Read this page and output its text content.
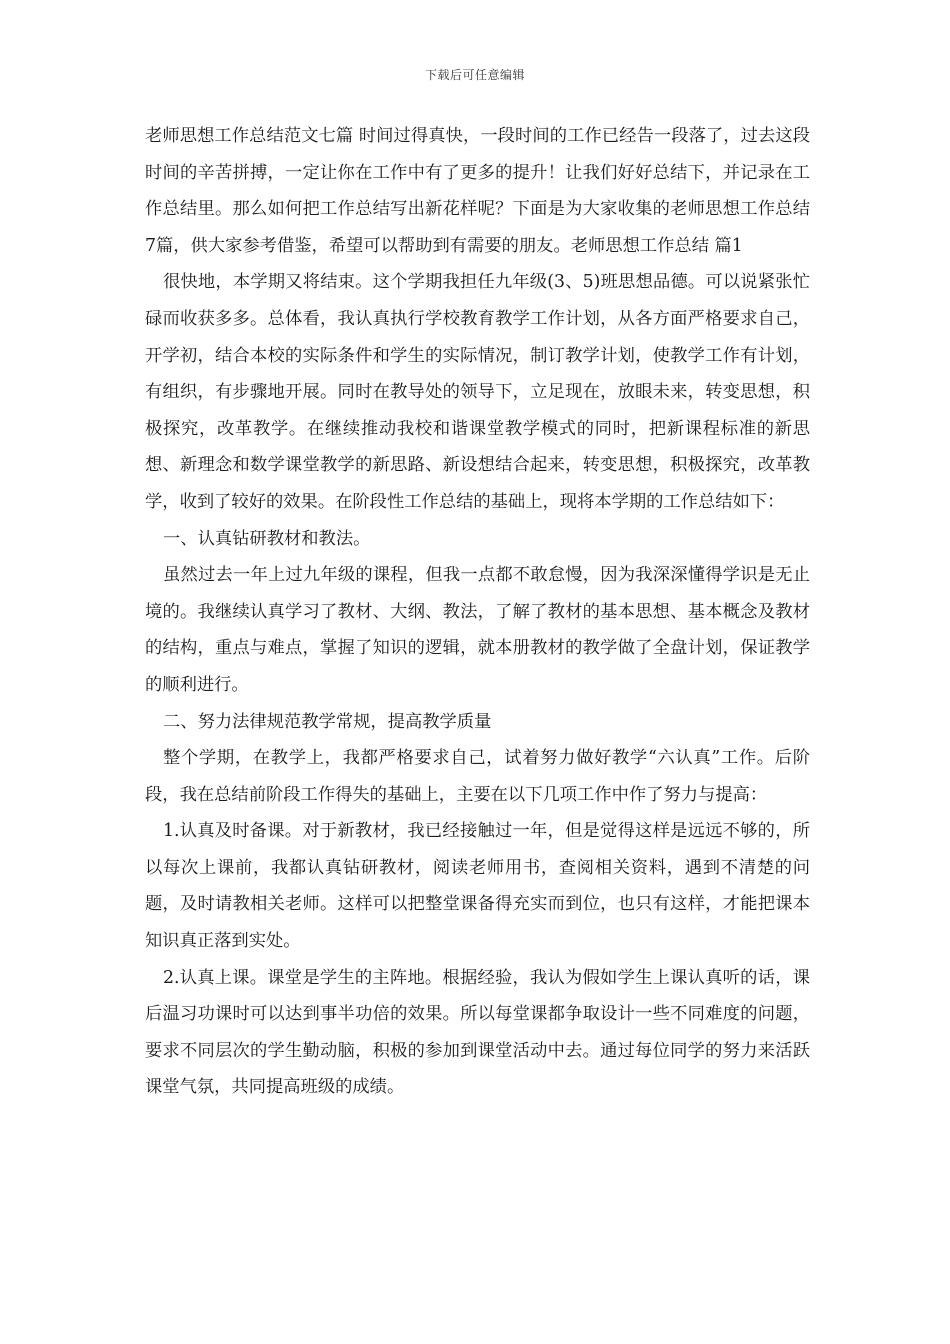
下载后可任意编辑

老师思想工作总结范文七篇 时间过得真快，一段时间的工作已经告一段落了，过去这段时间的辛苦拼搏，一定让你在工作中有了更多的提升！让我们好好总结下，并记录在工作总结里。那么如何把工作总结写出新花样呢？下面是为大家收集的老师思想工作总结7篇，供大家参考借鉴，希望可以帮助到有需要的朋友。老师思想工作总结 篇1

很快地，本学期又将结束。这个学期我担任九年级(3、5)班思想品德。可以说紧张忙碌而收获多多。总体看，我认真执行学校教育教学工作计划，从各方面严格要求自己，开学初，结合本校的实际条件和学生的实际情况，制订教学计划，使教学工作有计划，有组织，有步骤地开展。同时在教导处的领导下，立足现在，放眼未来，转变思想，积极探究，改革教学。在继续推动我校和谐课堂教学模式的同时，把新课程标准的新思想、新理念和数学课堂教学的新思路、新设想结合起来，转变思想，积极探究，改革教学，收到了较好的效果。在阶段性工作总结的基础上，现将本学期的工作总结如下：

一、认真钻研教材和教法。

虽然过去一年上过九年级的课程，但我一点都不敢怠慢，因为我深深懂得学识是无止境的。我继续认真学习了教材、大纲、教法，了解了教材的基本思想、基本概念及教材的结构，重点与难点，掌握了知识的逻辑，就本册教材的教学做了全盘计划，保证教学的顺利进行。

二、努力法律规范教学常规，提高教学质量

整个学期，在教学上，我都严格要求自己，试着努力做好教学“六认真”工作。后阶段，我在总结前阶段工作得失的基础上，主要在以下几项工作中作了努力与提高：

1.认真及时备课。对于新教材，我已经接触过一年，但是觉得这样是远远不够的，所以每次上课前，我都认真钻研教材，阅读老师用书，查阅相关资料，遇到不清楚的问题，及时请教相关老师。这样可以把整堂课备得充实而到位，也只有这样，才能把课本知识真正落到实处。

2.认真上课。课堂是学生的主阵地。根据经验，我认为假如学生上课认真听的话，课后温习功课时可以达到事半功倍的效果。所以每堂课都争取设计一些不同难度的问题，要求不同层次的学生勤动脑，积极的参加到课堂活动中去。通过每位同学的努力来活跃课堂气氛，共同提高班级的成绩。
